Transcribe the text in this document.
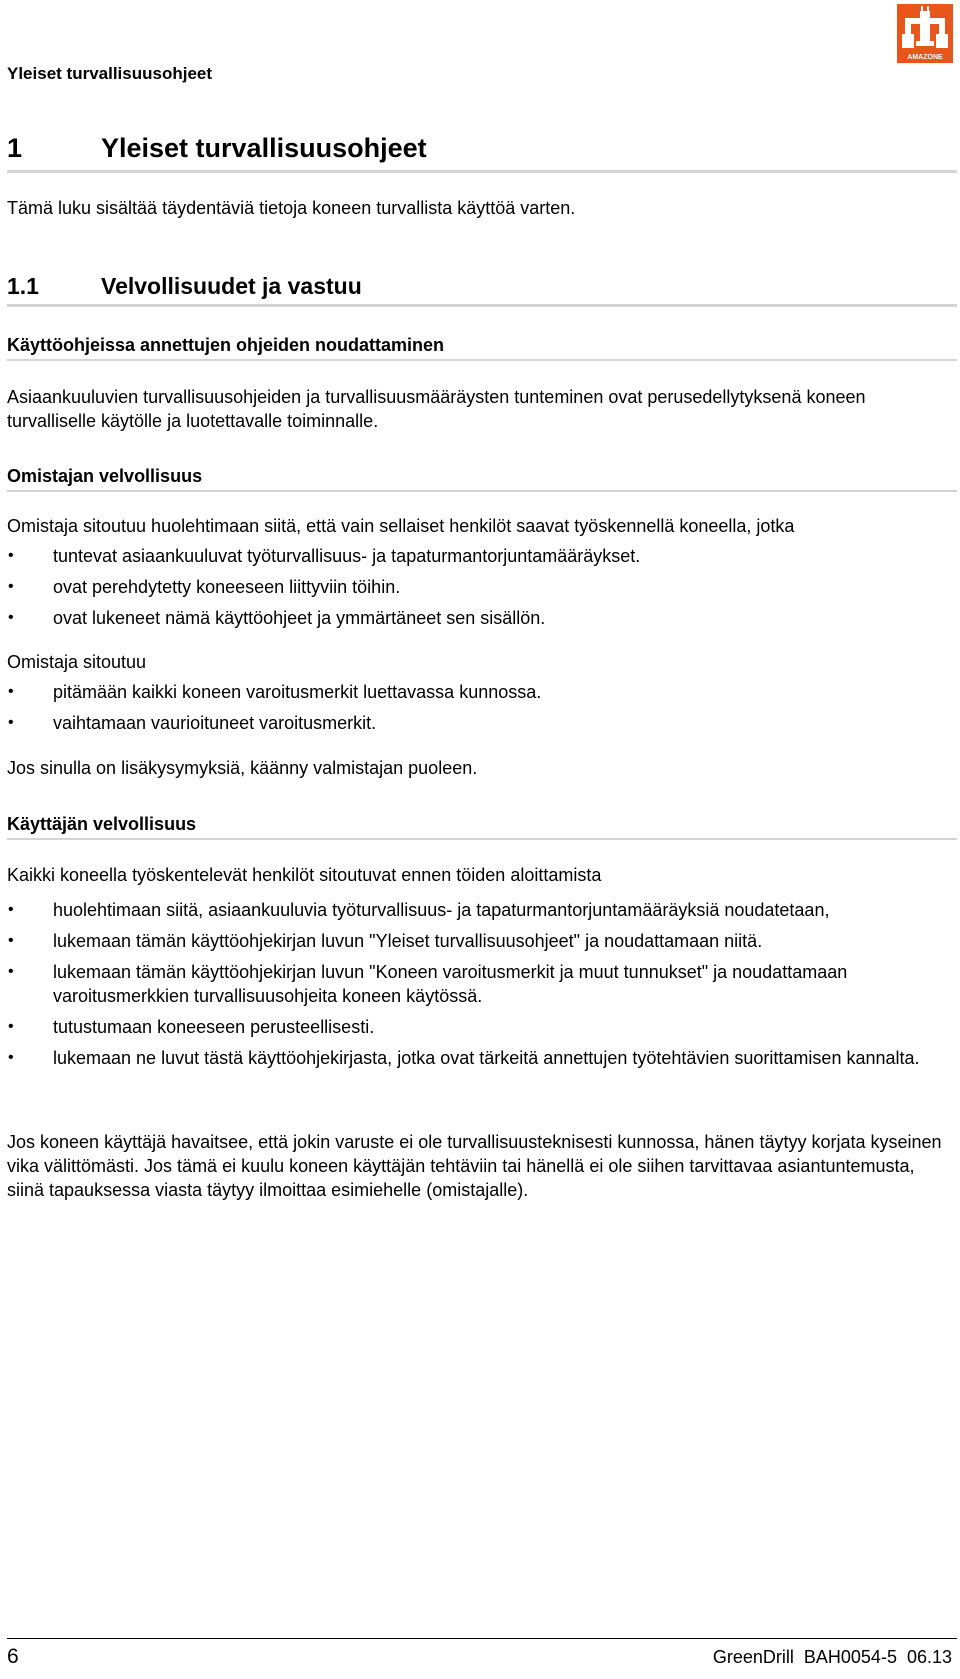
Yleiset turvallisuusohjeet
AMAZONE
1	Yleiset turvallisuusohjeet
Tämä luku sisältää täydentäviä tietoja koneen turvallista käyttöä varten.
1.1	Velvollisuudet ja vastuu
Käyttöohjeissa annettujen ohjeiden noudattaminen
Asiaankuuluvien turvallisuusohjeiden ja turvallisuusmääräysten tunteminen ovat perusedellytyksenä koneen turvalliselle käytölle ja luotettavalle toiminnalle.
Omistajan velvollisuus
Omistaja sitoutuu huolehtimaan siitä, että vain sellaiset henkilöt saavat työskennellä koneella, jotka
• tuntevat asiaankuuluvat työturvallisuus- ja tapaturmantorjuntamääräykset.
• ovat perehdytetty koneeseen liittyviin töihin.
• ovat lukeneet nämä käyttöohjeet ja ymmärtäneet sen sisällön.
Omistaja sitoutuu
• pitämään kaikki koneen varoitusmerkit luettavassa kunnossa.
• vaihtamaan vaurioituneet varoitusmerkit.
Jos sinulla on lisäkysymyksiä, käänny valmistajan puoleen.
Käyttäjän velvollisuus
Kaikki koneella työskentelevät henkilöt sitoutuvat ennen töiden aloittamista
• huolehtimaan siitä, asiaankuuluvia työturvallisuus- ja tapaturmantorjuntamääräyksiä noudatetaan,
• lukemaan tämän käyttöohjekirjan luvun "Yleiset turvallisuusohjeet" ja noudattamaan niitä.
• lukemaan tämän käyttöohjekirjan luvun "Koneen varoitusmerkit ja muut tunnukset" ja noudattamaan varoitusmerkkien turvallisuusohjeita koneen käytössä.
• tutustumaan koneeseen perusteellisesti.
• lukemaan ne luvut tästä käyttöohjekirjasta, jotka ovat tärkeitä annettujen työtehtävien suorittamisen kannalta.
Jos koneen käyttäjä havaitsee, että jokin varuste ei ole turvallisuusteknisesti kunnossa, hänen täytyy korjata kyseinen vika välittömästi. Jos tämä ei kuulu koneen käyttäjän tehtäviin tai hänellä ei ole siihen tarvittavaa asiantuntemusta, siinä tapauksessa viasta täytyy ilmoittaa esimiehelle (omistajalle).
6	GreenDrill BAH0054-5 06.13
